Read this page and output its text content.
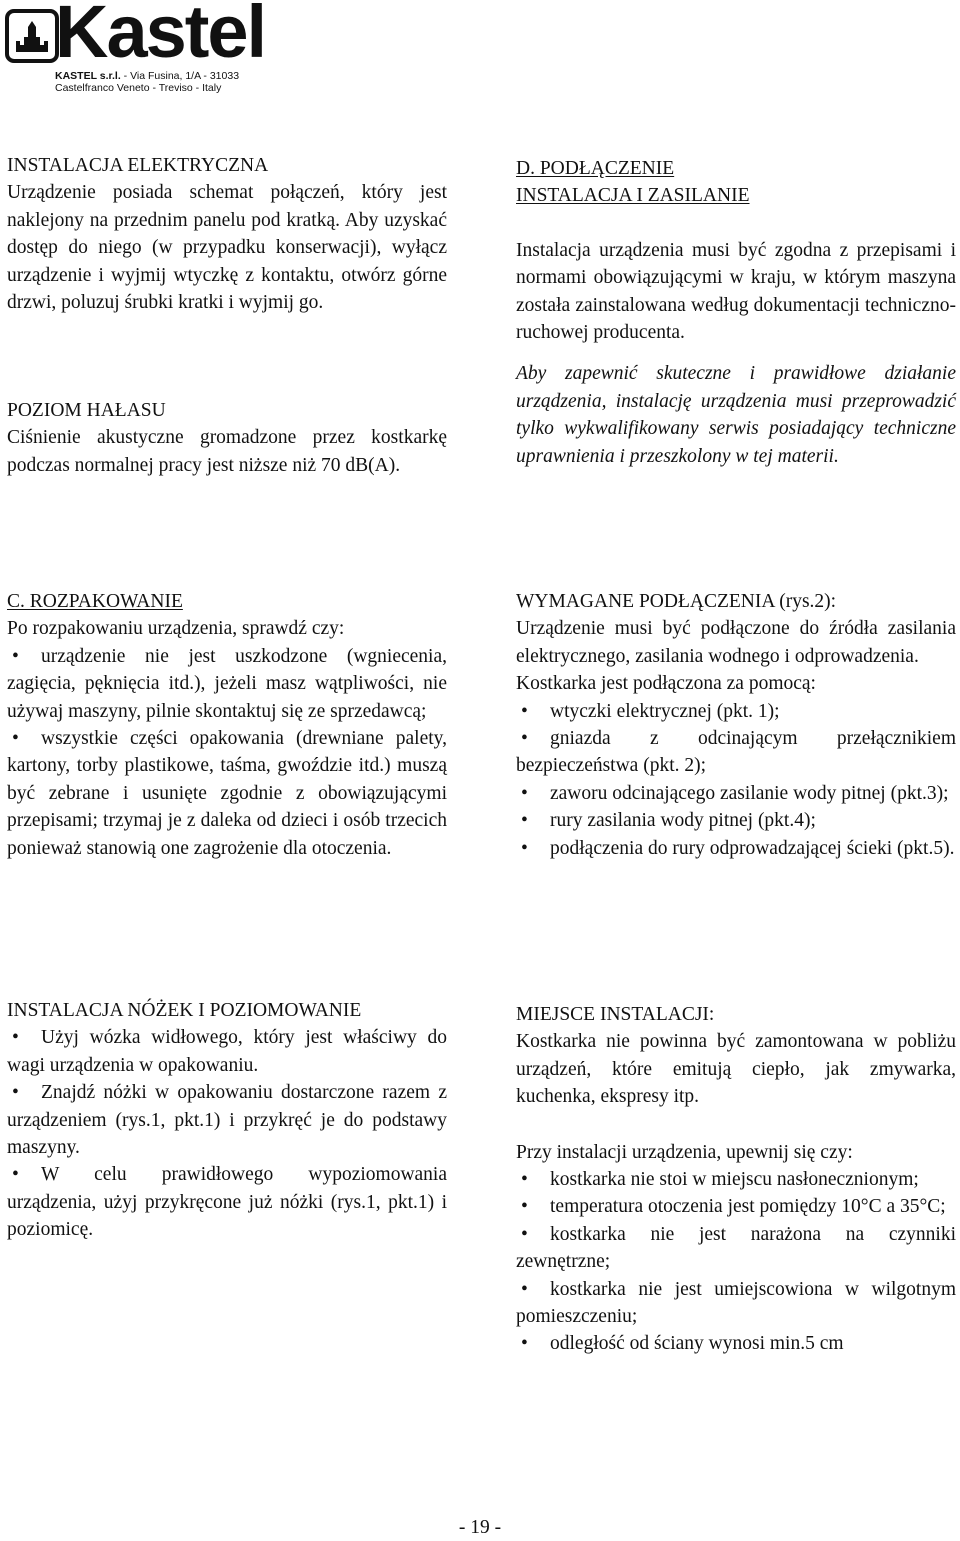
Kastel
KASTEL s.r.l. - Via Fusina, 1/A - 31033
Castelfranco Veneto - Treviso - Italy

INSTALACJA ELEKTRYCZNA

Urządzenie posiada schemat połączeń, który jest naklejony na przednim panelu pod kratką. Aby uzyskać dostęp do niego (w przypadku konserwacji), wyłącz urządzenie i wyjmij wtyczkę z kontaktu, otwórz górne drzwi, poluzuj śrubki kratki i wyjmij go.

POZIOM HAŁASU

Ciśnienie akustyczne gromadzone przez kostkarkę podczas normalnej pracy jest niższe niż 70 dB(A).

D. PODŁĄCZENIE

INSTALACJA I ZASILANIE

Instalacja urządzenia musi być zgodna z przepisami i normami obowiązującymi w kraju, w którym maszyna została zainstalowana według dokumentacji techniczno-ruchowej producenta.

Aby zapewnić skuteczne i prawidłowe działanie urządzenia, instalację urządzenia musi przeprowadzić tylko wykwalifikowany serwis posiadający techniczne uprawnienia i przeszkolony w tej materii.

C. ROZPAKOWANIE

Po rozpakowaniu urządzenia, sprawdź czy:

• urządzenie nie jest uszkodzone (wgniecenia, zagięcia, pęknięcia itd.), jeżeli masz wątpliwości, nie używaj maszyny, pilnie skontaktuj się ze sprzedawcą;

• wszystkie części opakowania (drewniane palety, kartony, torby plastikowe, taśma, gwoździe itd.) muszą być zebrane i usunięte zgodnie z obowiązującymi przepisami; trzymaj je z daleka od dzieci i osób trzecich ponieważ stanowią one zagrożenie dla otoczenia.

WYMAGANE PODŁĄCZENIA (rys.2):

Urządzenie musi być podłączone do źródła zasilania elektrycznego, zasilania wodnego i odprowadzenia.

Kostkarka jest podłączona za pomocą:

• wtyczki elektrycznej (pkt. 1);

• gniazda z odcinającym przełącznikiem bezpieczeństwa (pkt. 2);

• zaworu odcinającego zasilanie wody pitnej (pkt.3);

• rury zasilania wody pitnej (pkt.4);

• podłączenia do rury odprowadzającej ścieki (pkt.5).

INSTALACJA NÓŻEK I POZIOMOWANIE

• Użyj wózka widłowego, który jest właściwy do wagi urządzenia w opakowaniu.

• Znajdź nóżki w opakowaniu dostarczone razem z urządzeniem (rys.1, pkt.1) i przykręć je do podstawy maszyny.

• W celu prawidłowego wypoziomowania urządzenia, użyj przykręcone już nóżki (rys.1, pkt.1) i poziomicę.

MIEJSCE INSTALACJI:

Kostkarka nie powinna być zamontowana w pobliżu urządzeń, które emitują ciepło, jak zmywarka, kuchenka, ekspresy itp.

Przy instalacji urządzenia, upewnij się czy:

• kostkarka nie stoi w miejscu nasłonecznionym;

• temperatura otoczenia jest pomiędzy 10°C a 35°C;

• kostkarka nie jest narażona na czynniki zewnętrzne;

• kostkarka nie jest umiejscowiona w wilgotnym pomieszczeniu;

• odległość od ściany wynosi min.5 cm

- 19 -
